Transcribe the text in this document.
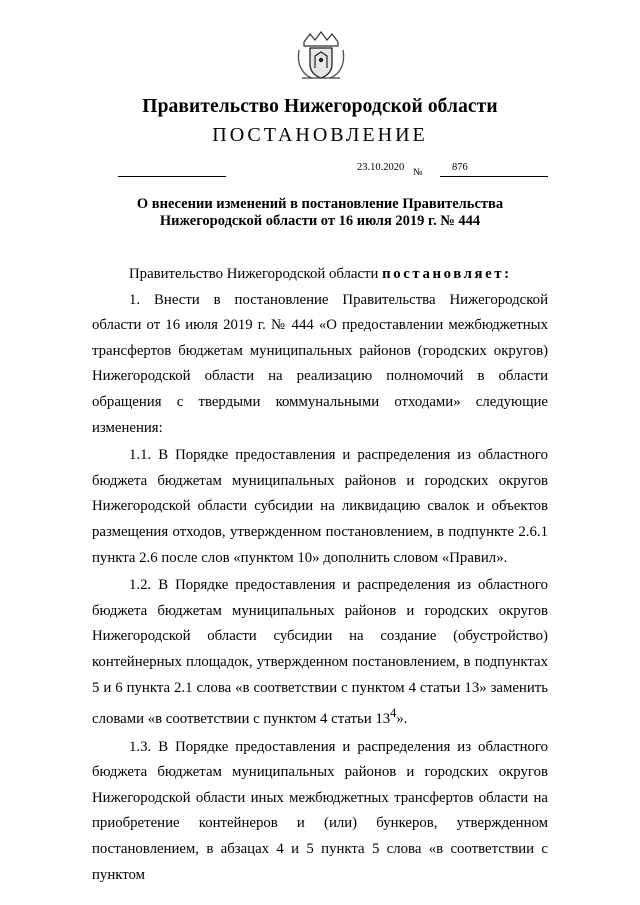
Правительство Нижегородской области
ПОСТАНОВЛЕНИЕ
23.10.2020 №	876
О внесении изменений в постановление Правительства
Нижегородской области от 16 июля 2019 г. № 444

Правительство Нижегородской области постановляет:

1. Внести в постановление Правительства Нижегородской области от 16 июля 2019 г. № 444 «О предоставлении межбюджетных трансфертов бюджетам муниципальных районов (городских округов) Нижегородской области на реализацию полномочий в области обращения с твердыми коммунальными отходами» следующие изменения:

1.1. В Порядке предоставления и распределения из областного бюджета бюджетам муниципальных районов и городских округов Нижегородской области субсидии на ликвидацию свалок и объектов размещения отходов, утвержденном постановлением, в подпункте 2.6.1 пункта 2.6 после слов «пунктом 10» дополнить словом «Правил».

1.2. В Порядке предоставления и распределения из областного бюджета бюджетам муниципальных районов и городских округов Нижегородской области субсидии на создание (обустройство) контейнерных площадок, утвержденном постановлением, в подпунктах 5 и 6 пункта 2.1 слова «в соответствии с пунктом 4 статьи 13» заменить словами «в соответствии с пунктом 4 статьи $13^4$».

1.3. В Порядке предоставления и распределения из областного бюджета бюджетам муниципальных районов и городских округов Нижегородской области иных межбюджетных трансфертов области на приобретение контейнеров и (или) бункеров, утвержденном постановлением, в абзацах 4 и 5 пункта 5 слова «в соответствии с пунктом
